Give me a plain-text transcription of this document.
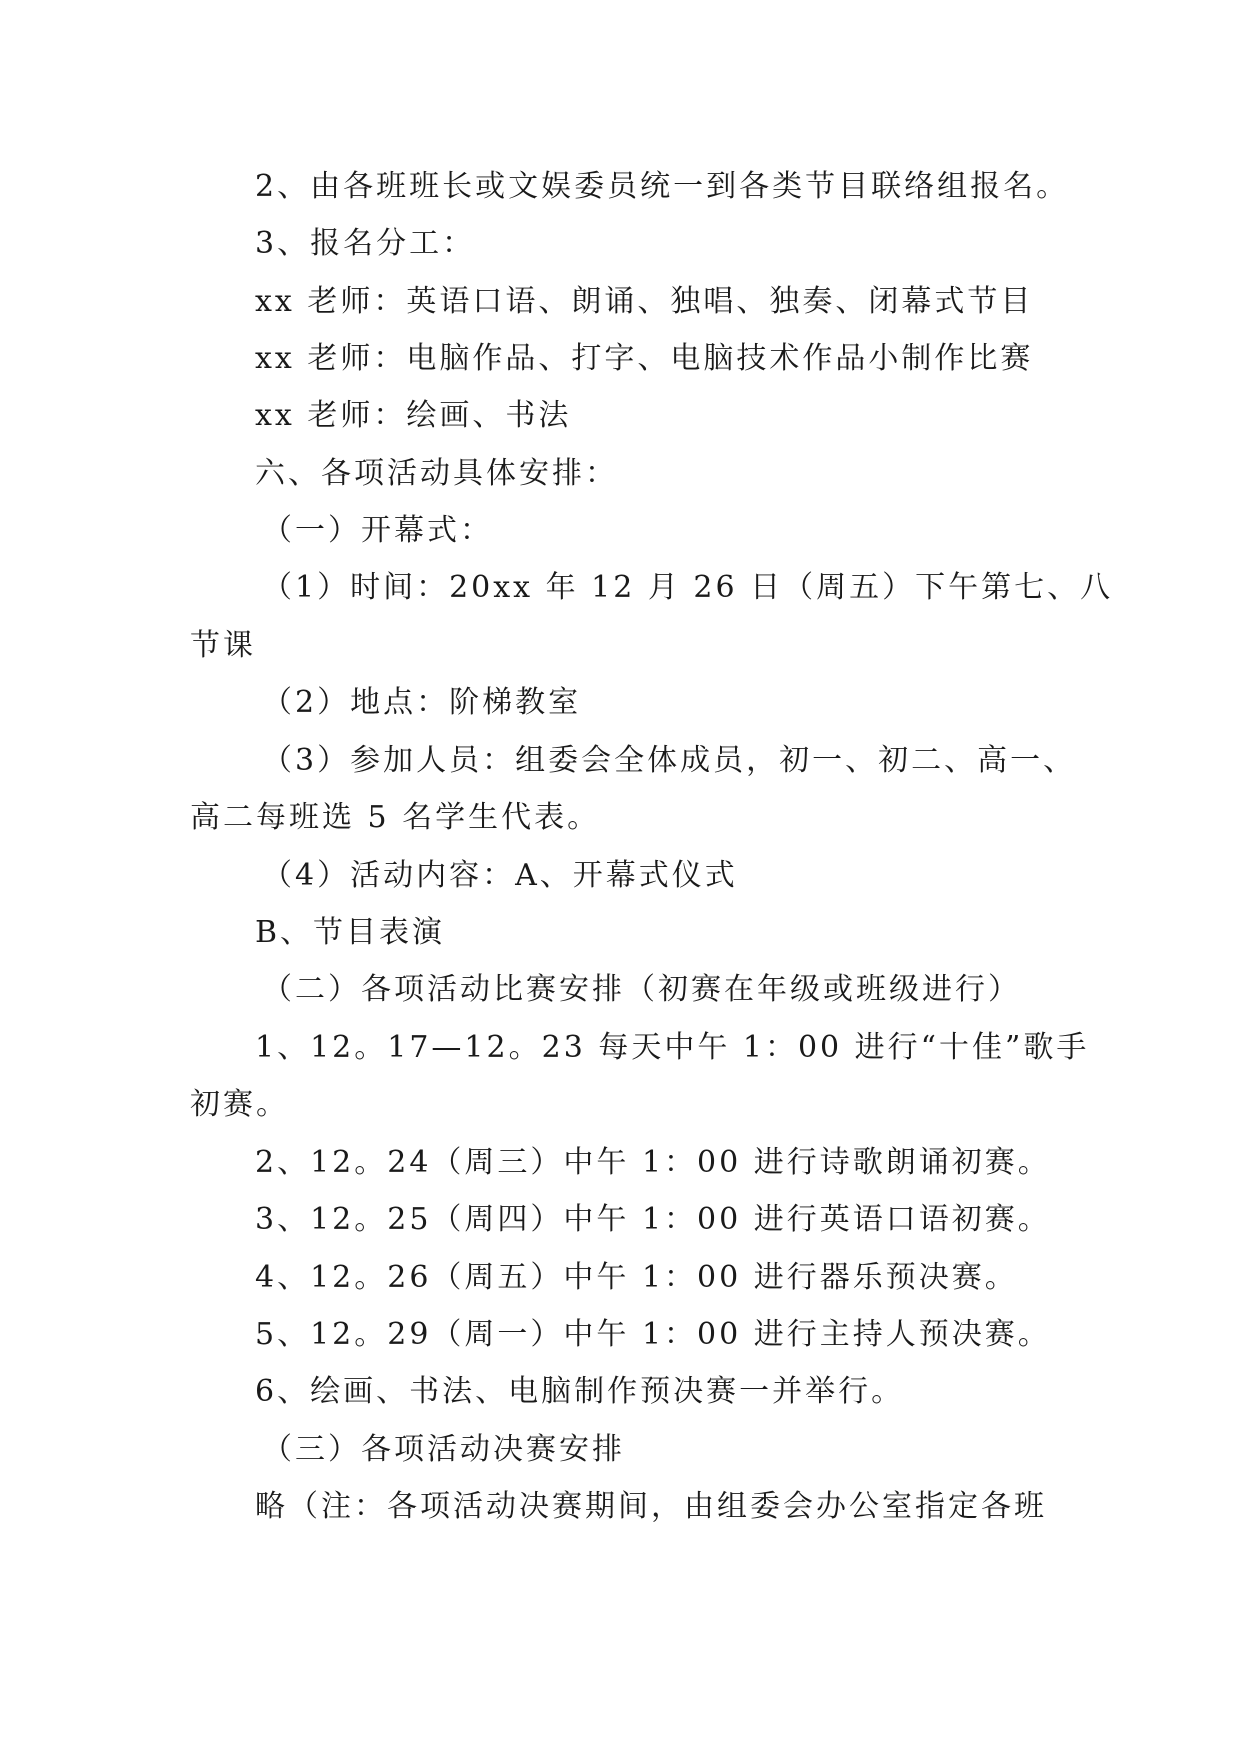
2、由各班班长或文娱委员统一到各类节目联络组报名。
3、报名分工：
xx 老师：英语口语、朗诵、独唱、独奏、闭幕式节目
xx 老师：电脑作品、打字、电脑技术作品小制作比赛
xx 老师：绘画、书法
六、各项活动具体安排：
（一）开幕式：
（1）时间：20xx 年 12 月 26 日（周五）下午第七、八
节课
（2）地点：阶梯教室
（3）参加人员：组委会全体成员，初一、初二、高一、
高二每班选 5 名学生代表。
（4）活动内容：A、开幕式仪式
B、节目表演
（二）各项活动比赛安排（初赛在年级或班级进行）
1、12。17—12。23 每天中午 1：00 进行“十佳”歌手
初赛。
2、12。24（周三）中午 1：00 进行诗歌朗诵初赛。
3、12。25（周四）中午 1：00 进行英语口语初赛。
4、12。26（周五）中午 1：00 进行器乐预决赛。
5、12。29（周一）中午 1：00 进行主持人预决赛。
6、绘画、书法、电脑制作预决赛一并举行。
（三）各项活动决赛安排
略（注：各项活动决赛期间，由组委会办公室指定各班
